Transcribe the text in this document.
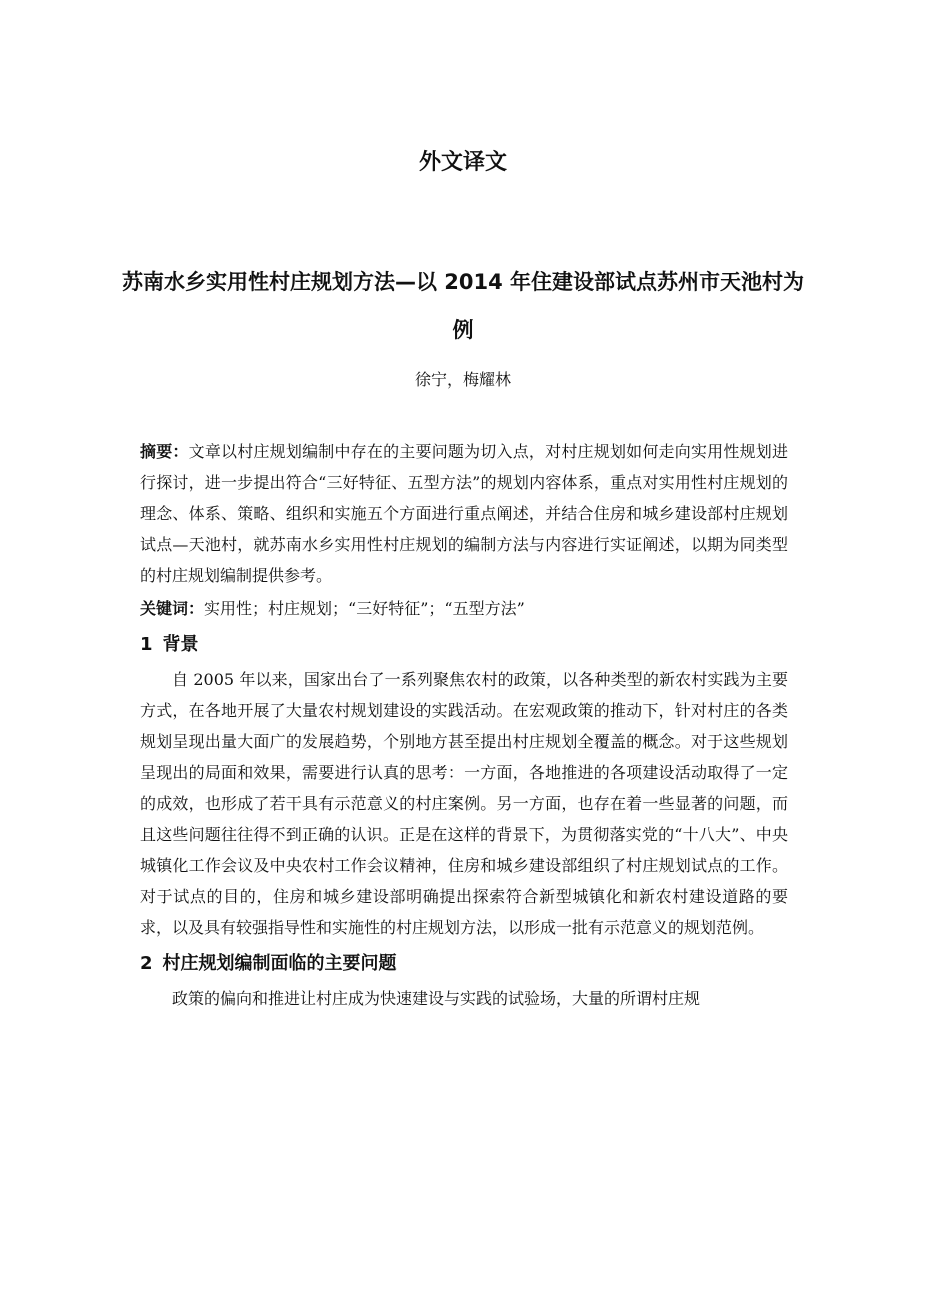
外文译文
苏南水乡实用性村庄规划方法—以 2014 年住建设部试点苏州市天池村为例
徐宁，梅耀林

摘要：文章以村庄规划编制中存在的主要问题为切入点，对村庄规划如何走向实用性规划进行探讨，进一步提出符合“三好特征、五型方法”的规划内容体系，重点对实用性村庄规划的理念、体系、策略、组织和实施五个方面进行重点阐述，并结合住房和城乡建设部村庄规划试点—天池村，就苏南水乡实用性村庄规划的编制方法与内容进行实证阐述，以期为同类型的村庄规划编制提供参考。

关键词：实用性；村庄规划；“三好特征”；“五型方法”

1 背景

自 2005 年以来，国家出台了一系列聚焦农村的政策，以各种类型的新农村实践为主要方式，在各地开展了大量农村规划建设的实践活动。在宏观政策的推动下，针对村庄的各类规划呈现出量大面广的发展趋势，个别地方甚至提出村庄规划全覆盖的概念。对于这些规划呈现出的局面和效果，需要进行认真的思考：一方面，各地推进的各项建设活动取得了一定的成效，也形成了若干具有示范意义的村庄案例。另一方面，也存在着一些显著的问题，而且这些问题往往得不到正确的认识。正是在这样的背景下，为贯彻落实党的“十八大”、中央城镇化工作会议及中央农村工作会议精神，住房和城乡建设部组织了村庄规划试点的工作。对于试点的目的，住房和城乡建设部明确提出探索符合新型城镇化和新农村建设道路的要求，以及具有较强指导性和实施性的村庄规划方法，以形成一批有示范意义的规划范例。

2 村庄规划编制面临的主要问题

政策的偏向和推进让村庄成为快速建设与实践的试验场，大量的所谓村庄规
